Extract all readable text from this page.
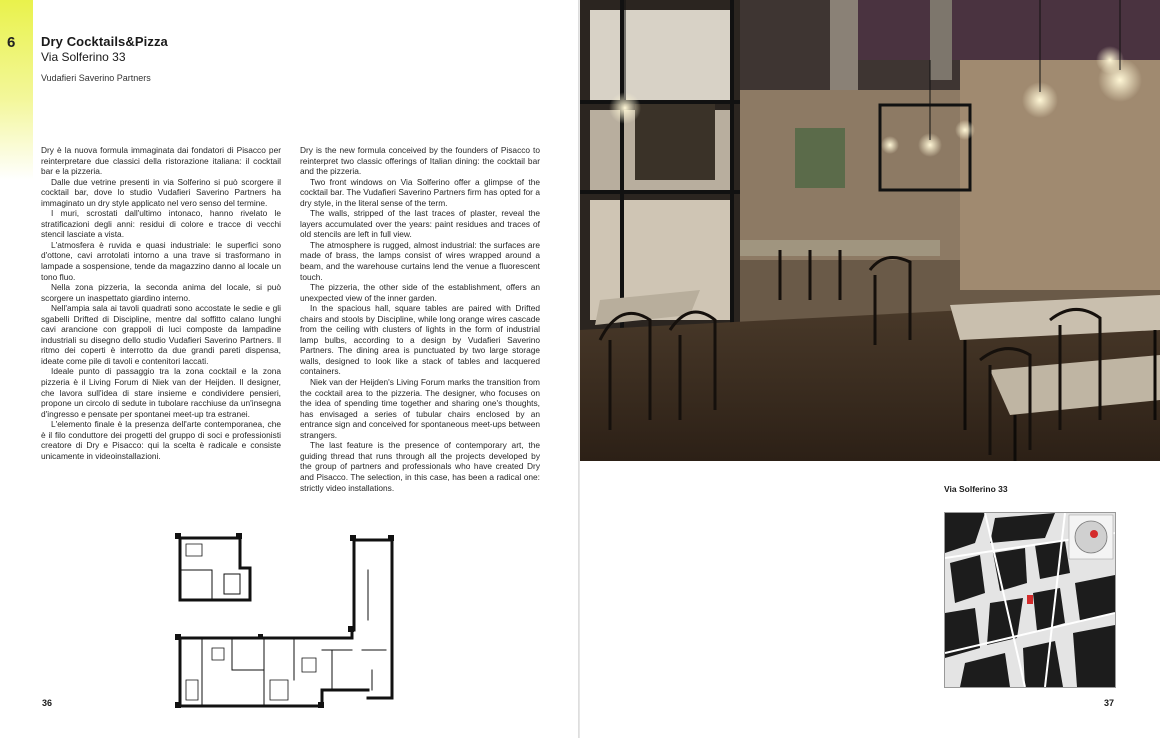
6 Dry Cocktails&Pizza
Via Solferino 33
Vudafieri Saverino Partners

Dry è la nuova formula immaginata dai fondatori di Pisacco per reinterpretare due classici della ristorazione italiana: il cocktail bar e la pizzeria.

Dalle due vetrine presenti in via Solferino si può scorgere il cocktail bar, dove lo studio Vudafieri Saverino Partners ha immaginato un dry style applicato nel vero senso del termine.

I muri, scrostati dall'ultimo intonaco, hanno rivelato le stratificazioni degli anni: residui di colore e tracce di vecchi stencil lasciate a vista.

L'atmosfera è ruvida e quasi industriale: le superfici sono d'ottone, cavi arrotolati intorno a una trave si trasformano in lampade a sospensione, tende da magazzino danno al locale un tono fluo.

Nella zona pizzeria, la seconda anima del locale, si può scorgere un inaspettato giardino interno.

Nell'ampia sala ai tavoli quadrati sono accostate le sedie e gli sgabelli Drifted di Discipline, mentre dal soffitto calano lunghi cavi arancione con grappoli di luci composte da lampadine industriali su disegno dello studio Vudafieri Saverino Partners. Il ritmo dei coperti è interrotto da due grandi pareti dispensa, ideate come pile di tavoli e contenitori laccati.

Ideale punto di passaggio tra la zona cocktail e la zona pizzeria è il Living Forum di Niek van der Heijden. Il designer, che lavora sull'idea di stare insieme e condividere pensieri, propone un circolo di sedute in tubolare racchiuse da un'insegna d'ingresso e pensate per spontanei meet-up tra estranei.

L'elemento finale è la presenza dell'arte contemporanea, che è il filo conduttore dei progetti del gruppo di soci e professionisti creatore di Dry e Pisacco: qui la scelta è radicale e consiste unicamente in videoinstallazioni.

Dry is the new formula conceived by the founders of Pisacco to reinterpret two classic offerings of Italian dining: the cocktail bar and the pizzeria.

Two front windows on Via Solferino offer a glimpse of the cocktail bar. The Vudafieri Saverino Partners firm has opted for a dry style, in the literal sense of the term.

The walls, stripped of the last traces of plaster, reveal the layers accumulated over the years: paint residues and traces of old stencils are left in full view.

The atmosphere is rugged, almost industrial: the surfaces are made of brass, the lamps consist of wires wrapped around a beam, and the warehouse curtains lend the venue a fluorescent touch.

The pizzeria, the other side of the establishment, offers an unexpected view of the inner garden.

In the spacious hall, square tables are paired with Drifted chairs and stools by Discipline, while long orange wires cascade from the ceiling with clusters of lights in the form of industrial lamp bulbs, according to a design by Vudafieri Saverino Partners. The dining area is punctuated by two large storage walls, designed to look like a stack of tables and lacquered containers.

Niek van der Heijden's Living Forum marks the transition from the cocktail area to the pizzeria. The designer, who focuses on the idea of spending time together and sharing one's thoughts, has envisaged a series of tubular chairs enclosed by an entrance sign and conceived for spontaneous meet-ups between strangers.

The last feature is the presence of contemporary art, the guiding thread that runs through all the projects developed by the group of partners and professionals who have created Dry and Pisacco. The selection, in this case, has been a radical one: strictly video installations.

36
Via Solferino 33
37
